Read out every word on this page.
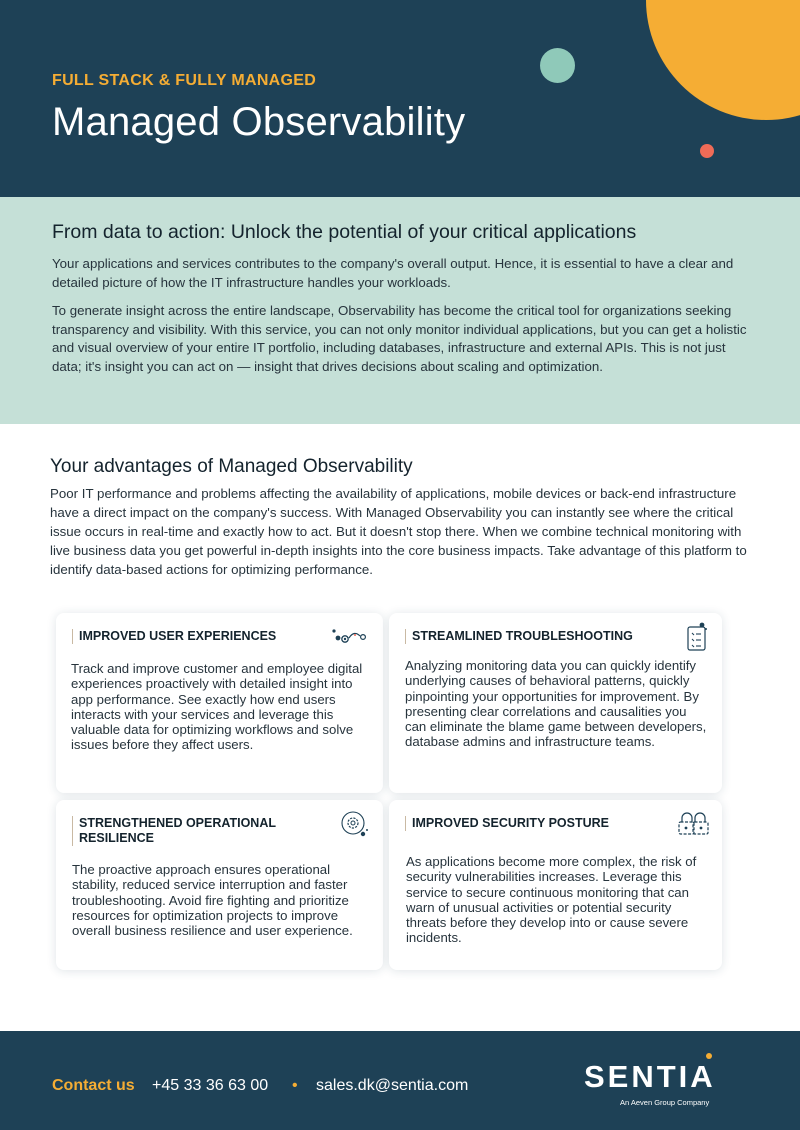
FULL STACK & FULLY MANAGED
Managed Observability
From data to action: Unlock the potential of your critical applications

Your applications and services contributes to the company's overall output. Hence, it is essential to have a clear and detailed picture of how the IT infrastructure handles your workloads.

To generate insight across the entire landscape, Observability has become the critical tool for organizations seeking transparency and visibility. With this service, you can not only monitor individual applications, but you can get a holistic and visual overview of your entire IT portfolio, including databases, infrastructure and external APIs. This is not just data; it's insight you can act on — insight that drives decisions about scaling and optimization.

Your advantages of Managed Observability

Poor IT performance and problems affecting the availability of applications, mobile devices or back-end infrastructure have a direct impact on the company's success. With Managed Observability you can instantly see where the critical issue occurs in real-time and exactly how to act. But it doesn't stop there. When we combine technical monitoring with live business data you get powerful in-depth insights into the core business impacts. Take advantage of this platform to identify data-based actions for optimizing performance.

IMPROVED USER EXPERIENCES
Track and improve customer and employee digital experiences proactively with detailed insight into app performance. See exactly how end users interacts with your services and leverage this valuable data for optimizing workflows and solve issues before they affect users.
STREAMLINED TROUBLESHOOTING
Analyzing monitoring data you can quickly identify underlying causes of behavioral patterns, quickly pinpointing your opportunities for improvement. By presenting clear correlations and causalities you can eliminate the blame game between developers, database admins and infrastructure teams.
STRENGTHENED OPERATIONAL RESILIENCE
The proactive approach ensures operational stability, reduced service interruption and faster troubleshooting. Avoid fire fighting and prioritize resources for optimization projects to improve overall business resilience and user experience.
IMPROVED SECURITY POSTURE
As applications become more complex, the risk of security vulnerabilities increases. Leverage this service to secure continuous monitoring that can warn of unusual activities or potential security threats before they develop into or cause severe incidents.
Contact us +45 33 36 63 00 • sales.dk@sentia.com	SENTIA
An Aeven Group Company
